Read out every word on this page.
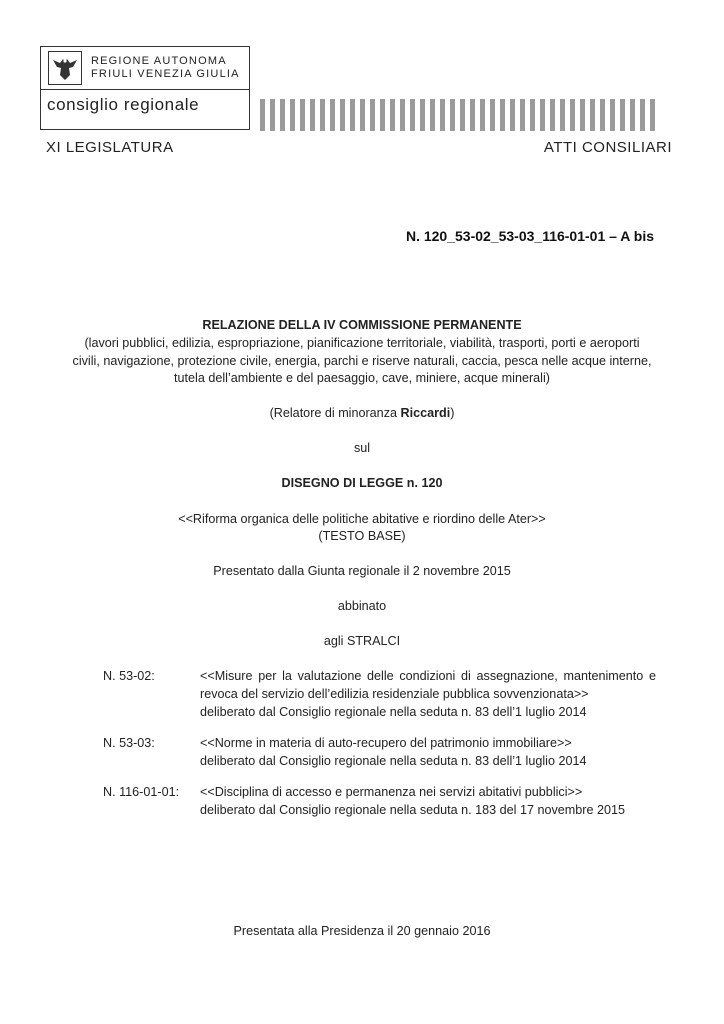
REGIONE AUTONOMA
FRIULI VENEZIA GIULIA
consiglio regionale
XI LEGISLATURA	ATTI CONSILIARI
N. 120_53-02_53-03_116-01-01 – A bis
RELAZIONE DELLA IV COMMISSIONE PERMANENTE
(lavori pubblici, edilizia, espropriazione, pianificazione territoriale, viabilità, trasporti, porti e aeroporti
civili, navigazione, protezione civile, energia, parchi e riserve naturali, caccia, pesca nelle acque interne,
tutela dell’ambiente e del paesaggio, cave, miniere, acque minerali)
(Relatore di minoranza Riccardi)
sul
DISEGNO DI LEGGE n. 120
<<Riforma organica delle politiche abitative e riordino delle Ater>>
(TESTO BASE)
Presentato dalla Giunta regionale il 2 novembre 2015
abbinato
agli STRALCI
N. 53-02:	<<Misure per la valutazione delle condizioni di assegnazione, mantenimento e revoca del servizio dell’edilizia residenziale pubblica sovvenzionata>>
deliberato dal Consiglio regionale nella seduta n. 83 dell’1 luglio 2014
N. 53-03:	<<Norme in materia di auto-recupero del patrimonio immobiliare>>
deliberato dal Consiglio regionale nella seduta n. 83 dell’1 luglio 2014
N. 116-01-01: <<Disciplina di accesso e permanenza nei servizi abitativi pubblici>>
deliberato dal Consiglio regionale nella seduta n. 183 del 17 novembre 2015
Presentata alla Presidenza il 20 gennaio 2016
